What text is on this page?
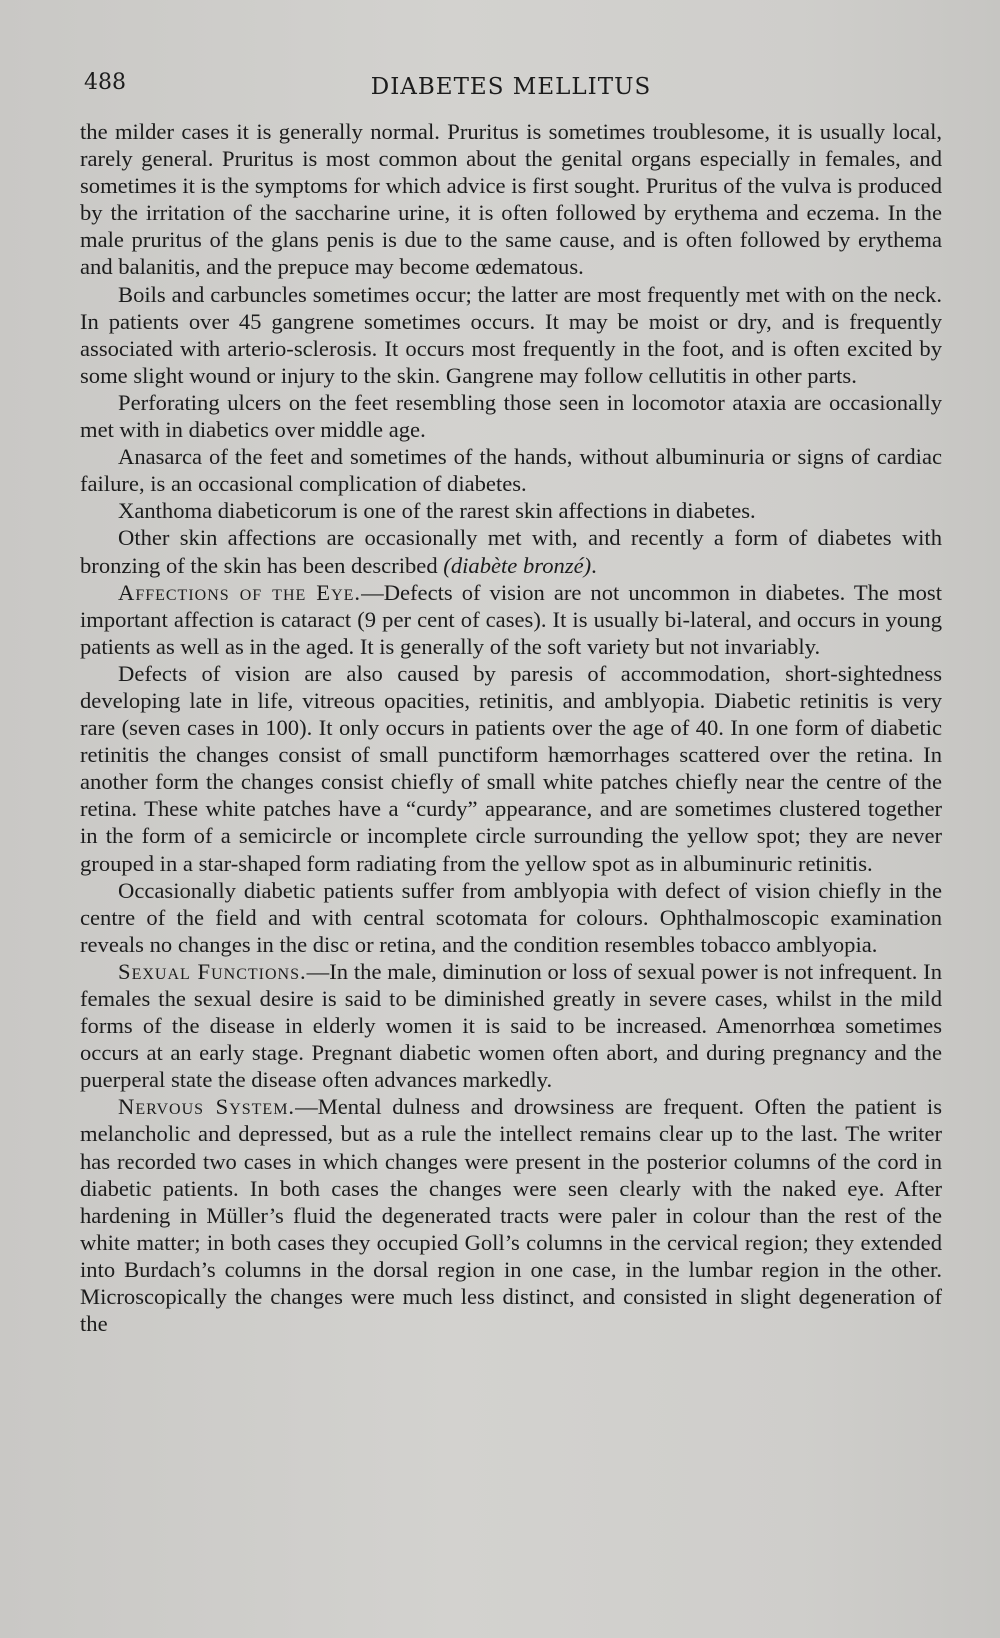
488	DIABETES MELLITUS

the milder cases it is generally normal. Pruritus is sometimes troublesome, it is usually local, rarely general. Pruritus is most common about the genital organs especially in females, and sometimes it is the symptoms for which advice is first sought. Pruritus of the vulva is produced by the irritation of the saccharine urine, it is often followed by erythema and eczema. In the male pruritus of the glans penis is due to the same cause, and is often followed by erythema and balanitis, and the prepuce may become œdematous.

Boils and carbuncles sometimes occur; the latter are most frequently met with on the neck. In patients over 45 gangrene sometimes occurs. It may be moist or dry, and is frequently associated with arterio-sclerosis. It occurs most frequently in the foot, and is often excited by some slight wound or injury to the skin. Gangrene may follow cellutitis in other parts.

Perforating ulcers on the feet resembling those seen in locomotor ataxia are occasionally met with in diabetics over middle age.

Anasarca of the feet and sometimes of the hands, without albuminuria or signs of cardiac failure, is an occasional complication of diabetes.

Xanthoma diabeticorum is one of the rarest skin affections in diabetes.

Other skin affections are occasionally met with, and recently a form of diabetes with bronzing of the skin has been described (diabète bronzé).

Affections of the Eye.—Defects of vision are not uncommon in diabetes. The most important affection is cataract (9 per cent of cases). It is usually bi-lateral, and occurs in young patients as well as in the aged. It is generally of the soft variety but not invariably.

Defects of vision are also caused by paresis of accommodation, short-sightedness developing late in life, vitreous opacities, retinitis, and amblyopia. Diabetic retinitis is very rare (seven cases in 100). It only occurs in patients over the age of 40. In one form of diabetic retinitis the changes consist of small punctiform hæmorrhages scattered over the retina. In another form the changes consist chiefly of small white patches chiefly near the centre of the retina. These white patches have a “curdy” appearance, and are sometimes clustered together in the form of a semicircle or incomplete circle surrounding the yellow spot; they are never grouped in a star-shaped form radiating from the yellow spot as in albuminuric retinitis.

Occasionally diabetic patients suffer from amblyopia with defect of vision chiefly in the centre of the field and with central scotomata for colours. Ophthalmoscopic examination reveals no changes in the disc or retina, and the condition resembles tobacco amblyopia.

Sexual Functions.—In the male, diminution or loss of sexual power is not infrequent. In females the sexual desire is said to be diminished greatly in severe cases, whilst in the mild forms of the disease in elderly women it is said to be increased. Amenorrhœa sometimes occurs at an early stage. Pregnant diabetic women often abort, and during pregnancy and the puerperal state the disease often advances markedly.

Nervous System.—Mental dulness and drowsiness are frequent. Often the patient is melancholic and depressed, but as a rule the intellect remains clear up to the last. The writer has recorded two cases in which changes were present in the posterior columns of the cord in diabetic patients. In both cases the changes were seen clearly with the naked eye. After hardening in Müller’s fluid the degenerated tracts were paler in colour than the rest of the white matter; in both cases they occupied Goll’s columns in the cervical region; they extended into Burdach’s columns in the dorsal region in one case, in the lumbar region in the other. Microscopically the changes were much less distinct, and consisted in slight degeneration of the
